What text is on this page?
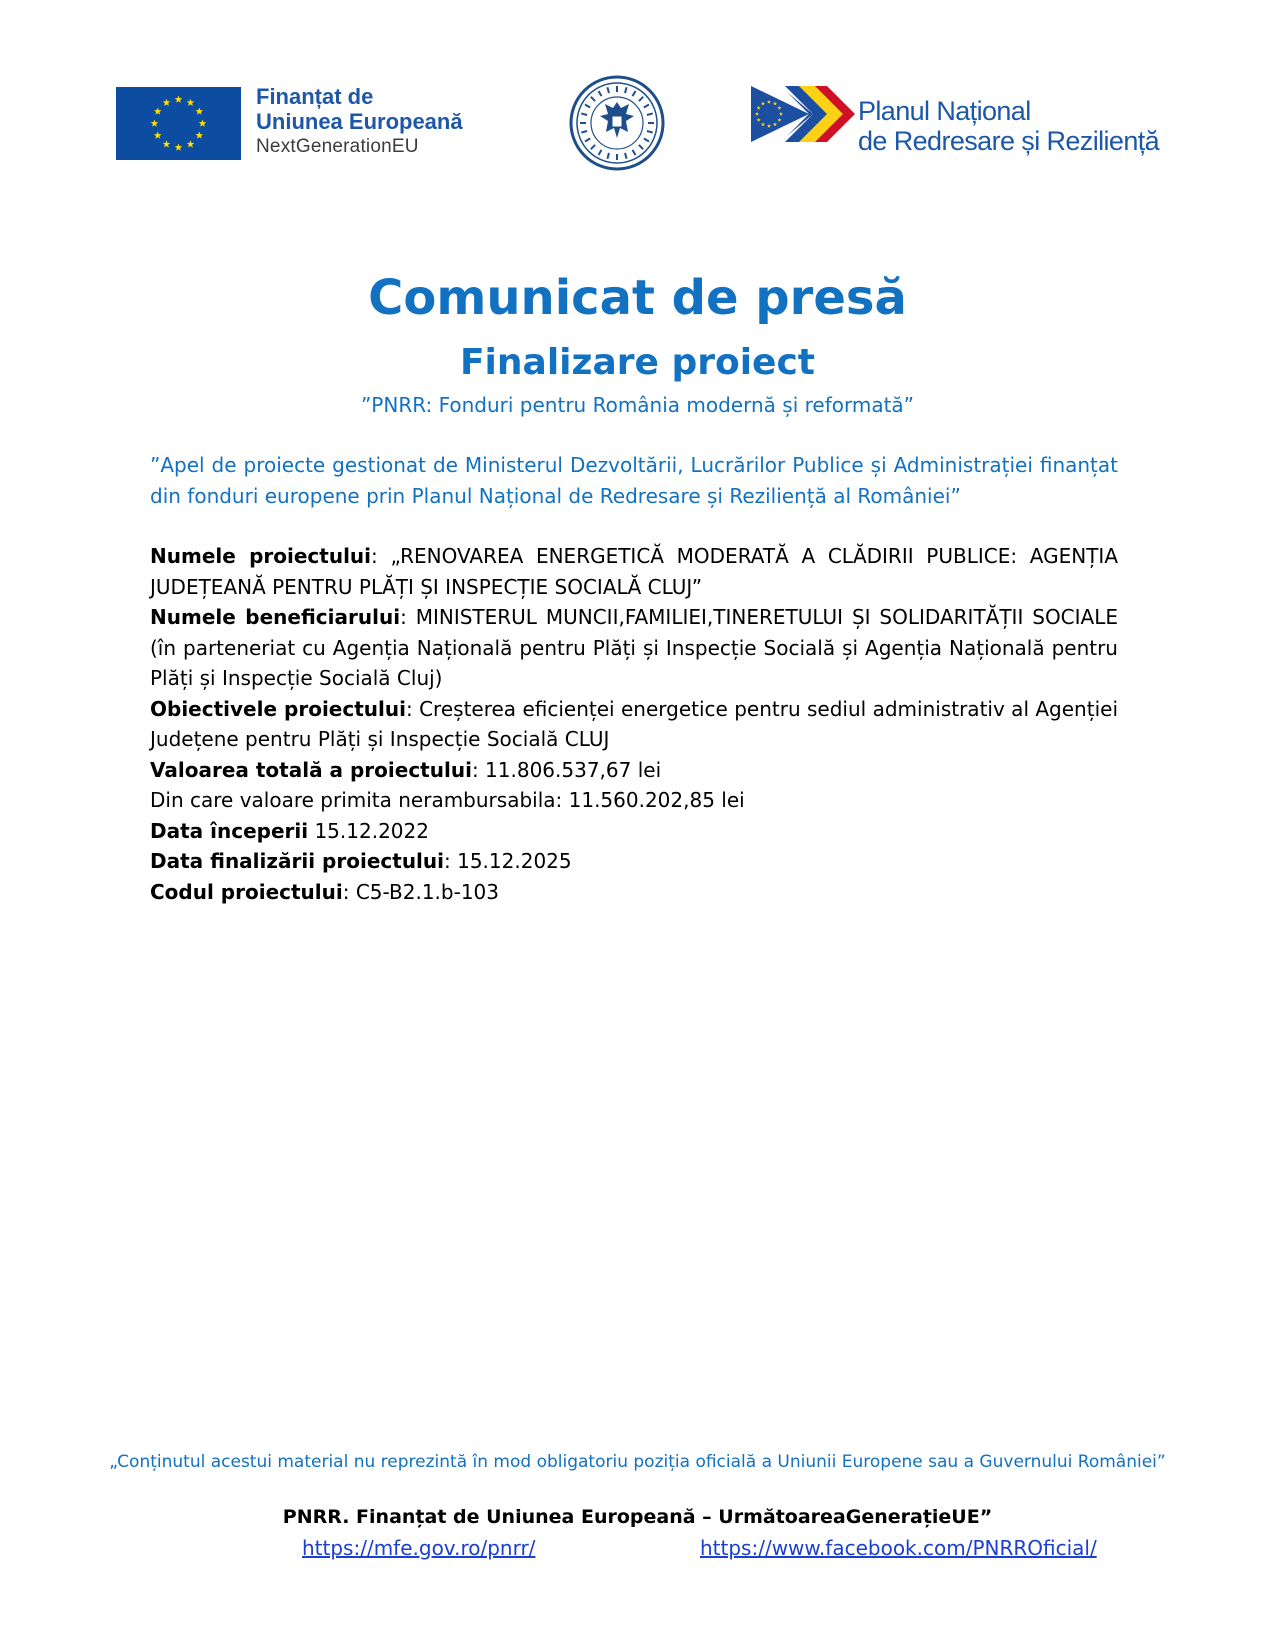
Finanțat de
Uniunea Europeană
NextGenerationEU
Planul Național
de Redresare și Reziliență
Comunicat de presă
Finalizare proiect
”PNRR: Fonduri pentru România modernă și reformată”
”Apel de proiecte gestionat de Ministerul Dezvoltării, Lucrărilor Publice și Administrației finanțat din fonduri europene prin Planul Național de Redresare și Reziliență al României”

Numele proiectului: „RENOVAREA ENERGETICĂ MODERATĂ A CLĂDIRII PUBLICE: AGENȚIA JUDEȚEANĂ PENTRU PLĂȚI ȘI INSPECȚIE SOCIALĂ CLUJ”

Numele beneficiarului: MINISTERUL MUNCII,FAMILIEI,TINERETULUI ȘI SOLIDARITĂȚII SOCIALE (în parteneriat cu Agenția Națională pentru Plăți și Inspecție Socială și Agenția Națională pentru Plăți și Inspecție Socială Cluj)

Obiectivele proiectului: Creșterea eficienței energetice pentru sediul administrativ al Agenției Județene pentru Plăți și Inspecție Socială CLUJ

Valoarea totală a proiectului: 11.806.537,67 lei

Din care valoare primita nerambursabila: 11.560.202,85 lei

Data începerii 15.12.2022

Data finalizării proiectului: 15.12.2025

Codul proiectului: C5-B2.1.b-103

„Conținutul acestui material nu reprezintă în mod obligatoriu poziția oficială a Uniunii Europene sau a Guvernului României”
PNRR. Finanțat de Uniunea Europeană – UrmătoareaGenerațieUE”
https://mfe.gov.ro/pnrr/	https://www.facebook.com/PNRROficial/
